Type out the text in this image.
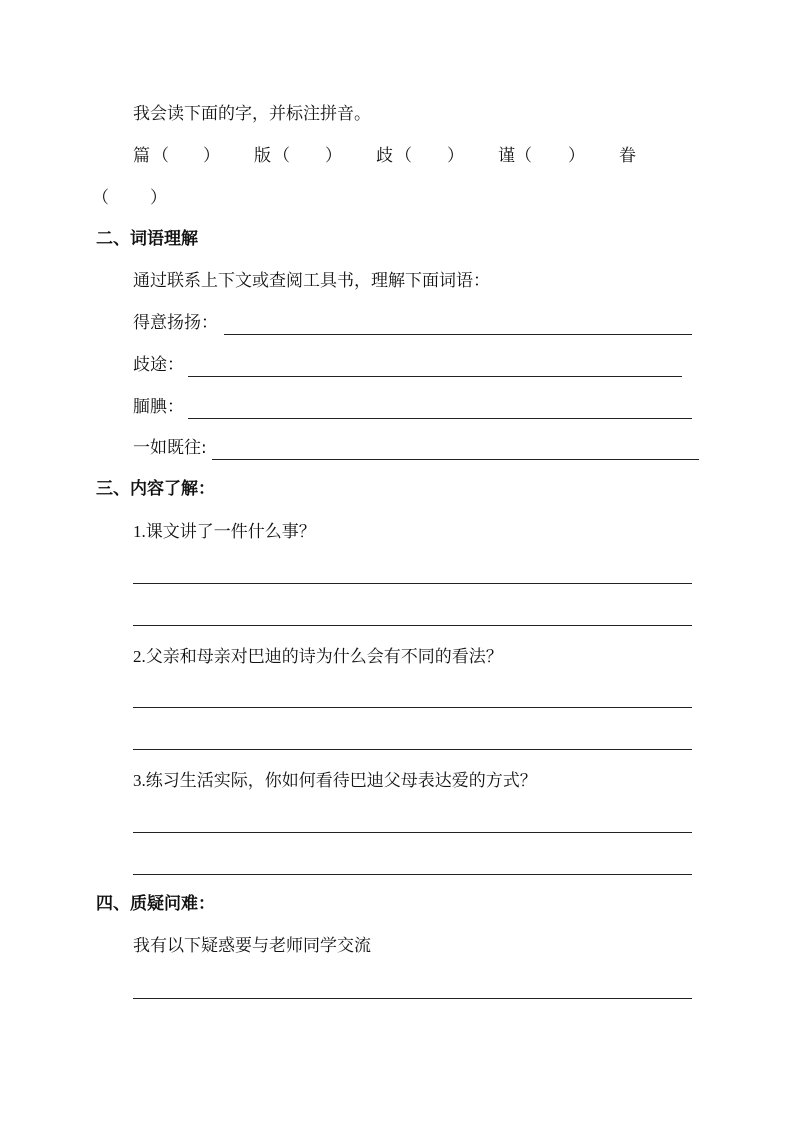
我会读下面的字，并标注拼音。
篇 （ ） 版 （ ） 歧 （ ） 谨 （ ） 眷
（ ）
二、词语理解
通过联系上下文或查阅工具书，理解下面词语：
得意扬扬：
歧途：
腼腆：
一如既往:
三、内容了解：
1.课文讲了一件什么事？
2.父亲和母亲对巴迪的诗为什么会有不同的看法？
3.练习生活实际，你如何看待巴迪父母表达爱的方式？
四、质疑问难：
我有以下疑惑要与老师同学交流
